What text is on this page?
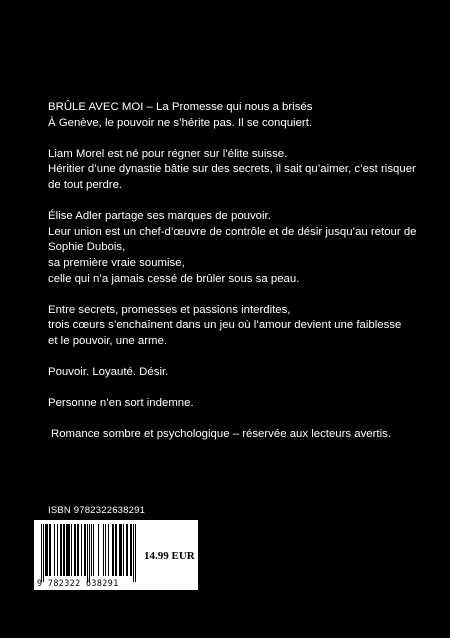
BRÛLE AVEC MOI – La Promesse qui nous a brisés
À Genève, le pouvoir ne s’hérite pas. Il se conquiert.
Liam Morel est né pour régner sur l’élite suisse.
Héritier d’une dynastie bâtie sur des secrets, il sait qu’aimer, c’est risquer
de tout perdre.
Élise Adler partage ses marques de pouvoir.
Leur union est un chef-d’œuvre de contrôle et de désir jusqu’au retour de
Sophie Dubois,
sa première vraie soumise,
celle qui n’a jamais cessé de brûler sous sa peau.
Entre secrets, promesses et passions interdites,
trois cœurs s’enchaînent dans un jeu où l’amour devient une faiblesse
et le pouvoir, une arme.
Pouvoir. Loyauté. Désir.
Personne n’en sort indemne.
Romance sombre et psychologique – réservée aux lecteurs avertis.
ISBN 9782322638291
9 782322 638291
14.99 EUR
